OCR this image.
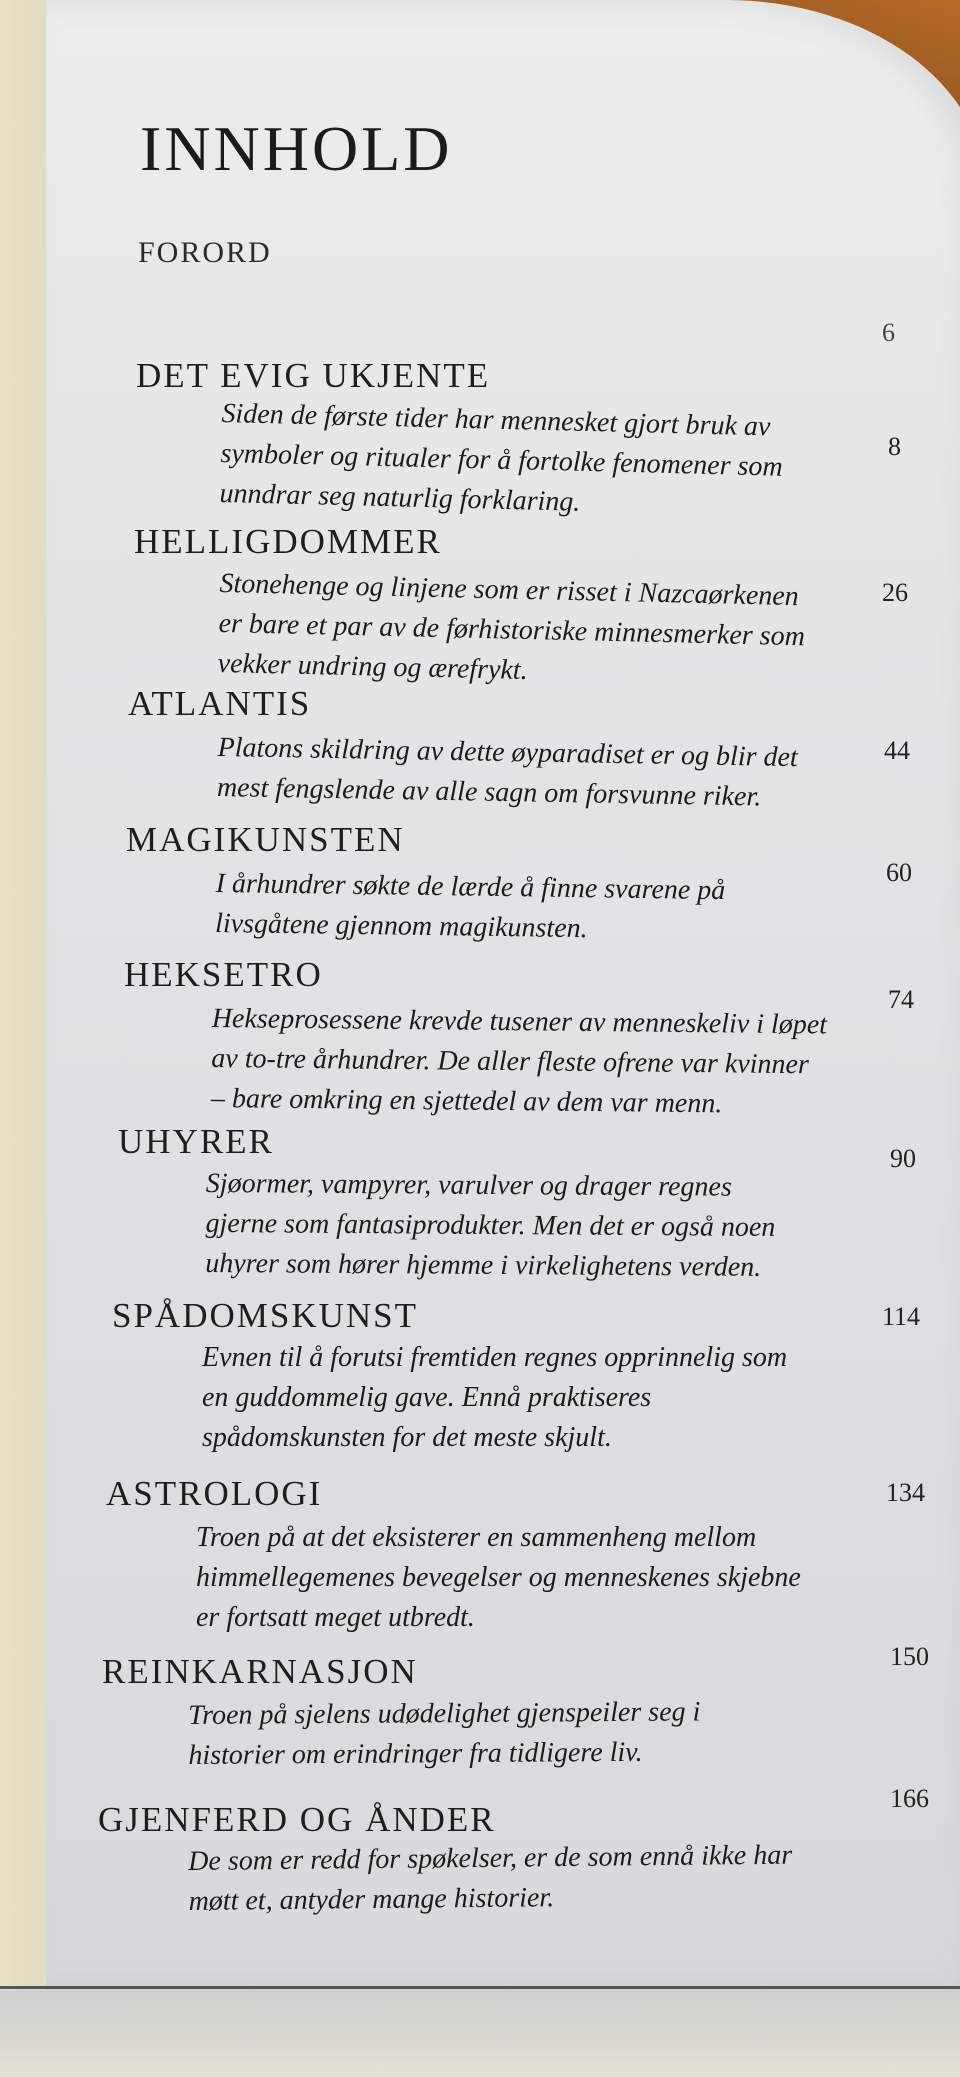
INNHOLD
FORORD
6
DET EVIG UKJENTE

Siden de første tider har mennesket gjort bruk av
symboler og ritualer for å fortolke fenomener som
unndrar seg naturlig forklaring.

8
HELLIGDOMMER

Stonehenge og linjene som er risset i Nazcaørkenen
er bare et par av de førhistoriske minnesmerker som
vekker undring og ærefrykt.

26
ATLANTIS

Platons skildring av dette øyparadiset er og blir det
mest fengslende av alle sagn om forsvunne riker.

44
MAGIKUNSTEN

I århundrer søkte de lærde å finne svarene på
livsgåtene gjennom magikunsten.

60
HEKSETRO

Hekseprosessene krevde tusener av menneskeliv i løpet
av to-tre århundrer. De aller fleste ofrene var kvinner
– bare omkring en sjettedel av dem var menn.

74
UHYRER

Sjøormer, vampyrer, varulver og drager regnes
gjerne som fantasiprodukter. Men det er også noen
uhyrer som hører hjemme i virkelighetens verden.

90
SPÅDOMSKUNST

Evnen til å forutsi fremtiden regnes opprinnelig som
en guddommelig gave. Ennå praktiseres
spådomskunsten for det meste skjult.

114
ASTROLOGI

Troen på at det eksisterer en sammenheng mellom
himmellegemenes bevegelser og menneskenes skjebne
er fortsatt meget utbredt.

134
REINKARNASJON

Troen på sjelens udødelighet gjenspeiler seg i
historier om erindringer fra tidligere liv.

150
GJENFERD OG ÅNDER

De som er redd for spøkelser, er de som ennå ikke har
møtt et, antyder mange historier.

166
